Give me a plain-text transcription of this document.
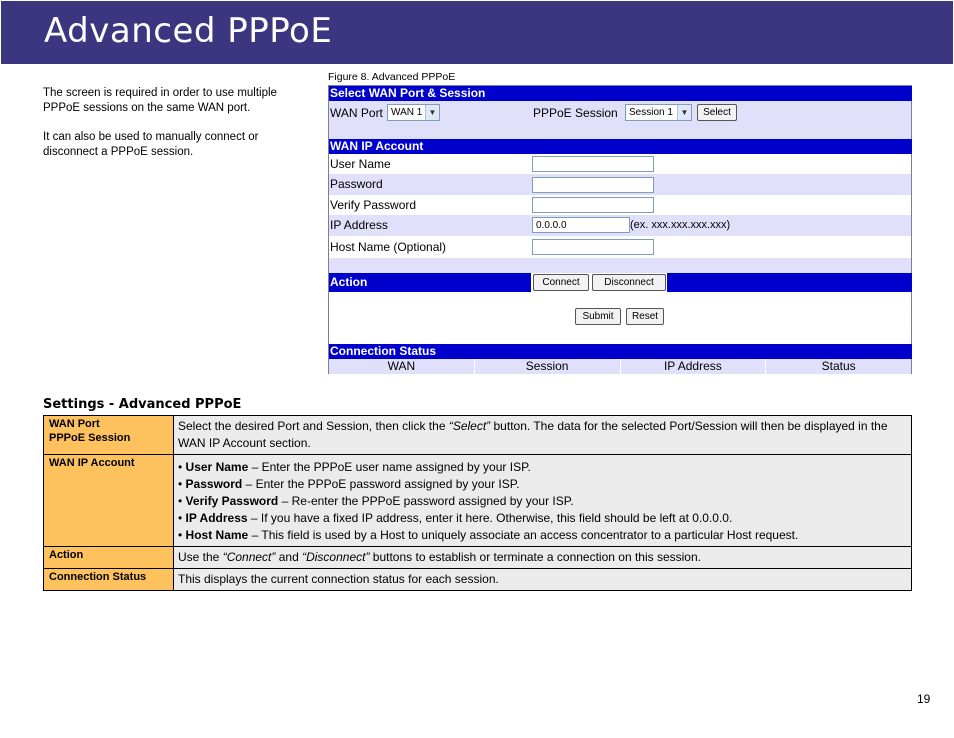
Advanced PPPoE

The screen is required in order to use multiple PPPoE sessions on the same WAN port.

It can also be used to manually connect or disconnect a PPPoE session.

Figure 8. Advanced PPPoE
Select WAN Port & Session
WAN Port WAN 1 ▼	PPPoE Session	Session 1 ▼	Select
WAN IP Account
User Name
Password
Verify Password
IP Address	0.0.0.0	(ex. xxx.xxx.xxx.xxx)
Host Name (Optional)
Action	Connect	Disconnect
Submit	Reset
Connection Status
WAN	Session	IP Address	Status
Settings - Advanced PPPoE
WAN Port
PPPoE Session	Select the desired Port and Session, then click the “Select” button. The data for the selected Port/Session will then be displayed in the WAN IP Account section.
WAN IP Account	• User Name – Enter the PPPoE user name assigned by your ISP.
• Password – Enter the PPPoE password assigned by your ISP.
• Verify Password – Re-enter the PPPoE password assigned by your ISP.
• IP Address – If you have a fixed IP address, enter it here. Otherwise, this field should be left at 0.0.0.0.
• Host Name – This field is used by a Host to uniquely associate an access concentrator to a particular Host request.

Action	Use the “Connect” and “Disconnect” buttons to establish or terminate a connection on this session.
Connection Status	This displays the current connection status for each session.
19
